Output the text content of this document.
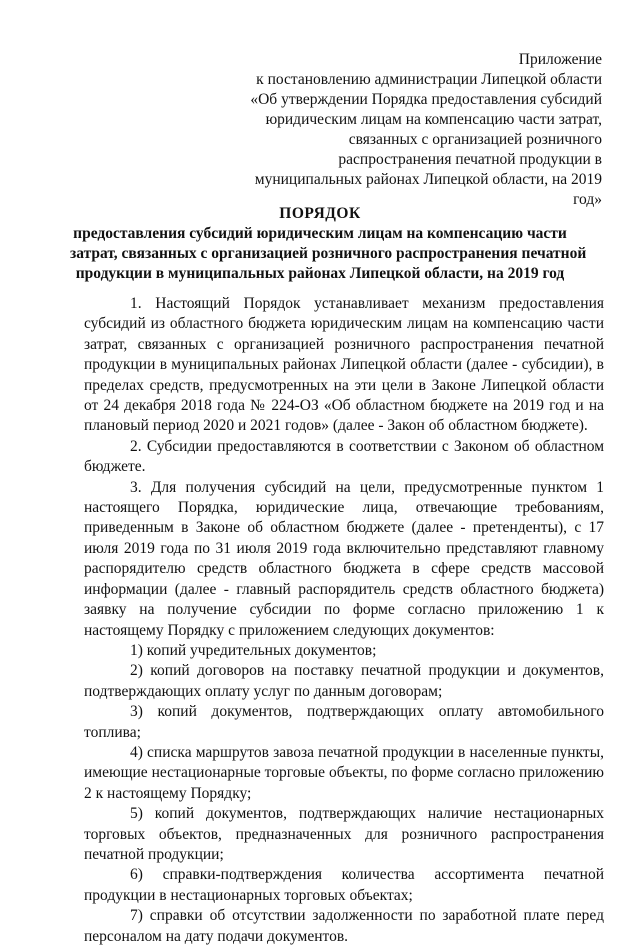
Приложение
к постановлению администрации Липецкой области
«Об утверждении Порядка предоставления субсидий
юридическим лицам на компенсацию части затрат,
связанных с организацией розничного
распространения печатной продукции в
муниципальных районах Липецкой области, на 2019
год»
ПОРЯДОК
предоставления субсидий юридическим лицам на компенсацию части
затрат, связанных с организацией розничного распространения печатной
продукции в муниципальных районах Липецкой области, на 2019 год

1. Настоящий Порядок устанавливает механизм предоставления субсидий из областного бюджета юридическим лицам на компенсацию части затрат, связанных с организацией розничного распространения печатной продукции в муниципальных районах Липецкой области (далее - субсидии), в пределах средств, предусмотренных на эти цели в Законе Липецкой области от 24 декабря 2018 года № 224-ОЗ «Об областном бюджете на 2019 год и на плановый период 2020 и 2021 годов» (далее - Закон об областном бюджете).

2. Субсидии предоставляются в соответствии с Законом об областном бюджете.

3. Для получения субсидий на цели, предусмотренные пунктом 1 настоящего Порядка, юридические лица, отвечающие требованиям, приведенным в Законе об областном бюджете (далее - претенденты), с 17 июля 2019 года по 31 июля 2019 года включительно представляют главному распорядителю средств областного бюджета в сфере средств массовой информации (далее - главный распорядитель средств областного бюджета) заявку на получение субсидии по форме согласно приложению 1 к настоящему Порядку с приложением следующих документов:

1) копий учредительных документов;

2) копий договоров на поставку печатной продукции и документов, подтверждающих оплату услуг по данным договорам;

3) копий документов, подтверждающих оплату автомобильного топлива;

4) списка маршрутов завоза печатной продукции в населенные пункты, имеющие нестационарные торговые объекты, по форме согласно приложению 2 к настоящему Порядку;

5) копий документов, подтверждающих наличие нестационарных торговых объектов, предназначенных для розничного распространения печатной продукции;

6) справки-подтверждения количества ассортимента печатной продукции в нестационарных торговых объектах;

7) справки об отсутствии задолженности по заработной плате перед персоналом на дату подачи документов.
